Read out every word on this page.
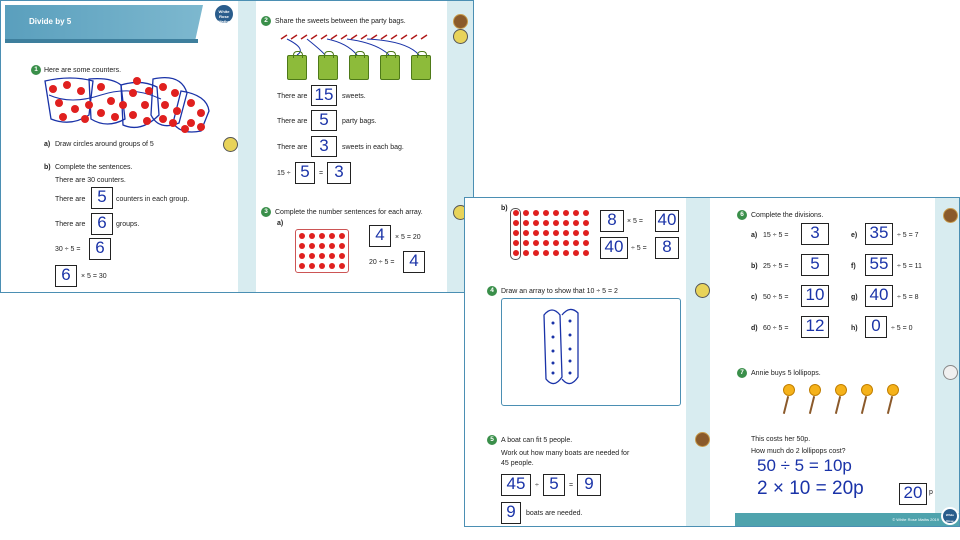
Divide by 5
White Rose Maths
1 Here are some counters.
a) Draw circles around groups of 5
b) Complete the sentences.
There are 30 counters.
There are 5	counters in each group.
There are 6	groups.
30 ÷ 5 = 6
6	× 5 = 30
2	Share the sweets between the party bags.
There are 15	sweets.
There are 5	party bags.
There are 3	sweets in each bag.
15 ÷ 5	= 3
3	Complete the number sentences for each array.
a)
4	× 5 = 20
20 ÷ 5 = 4
b)
8	× 5 = 40
40	÷ 5 = 8
4	Draw an array to show that 10 ÷ 5 = 2
5	A boat can fit 5 people.
Work out how many boats are needed for
45 people.
45	÷ 5	= 9
9	boats are needed.
6	Complete the divisions.
a) 15 ÷ 5 =	3	e) 35	÷ 5 = 7
b) 25 ÷ 5 =	5	f) 55	÷ 5 = 11
c) 50 ÷ 5 = 10	g) 40	÷ 5 = 8
d) 60 ÷ 5 = 12	h) 0	÷ 5 = 0
7	Annie buys 5 lollipops.
This costs her 50p.
How much do 2 lollipops cost?
50 ÷ 5 = 10p
2 × 10 = 20p 20 p
© White Rose Maths 2019
White Rose Maths
